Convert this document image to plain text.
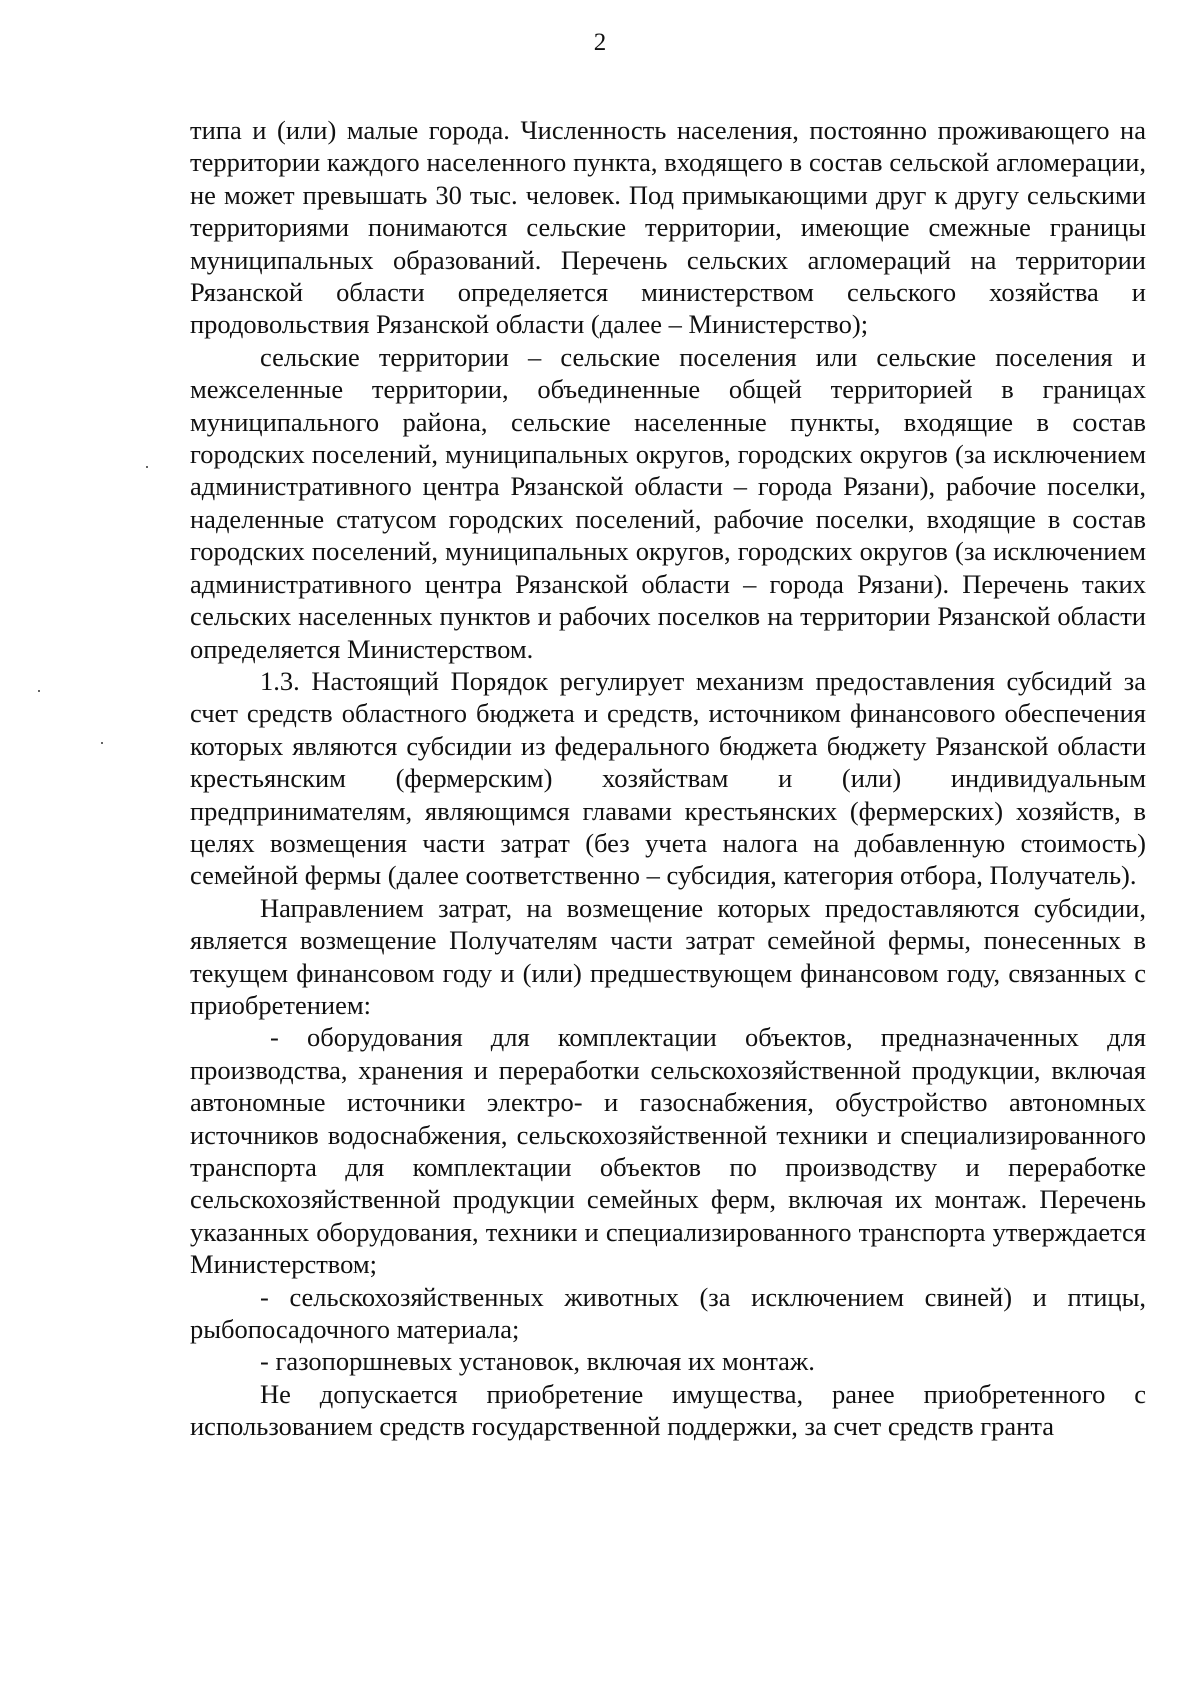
2

типа и (или) малые города. Численность населения, постоянно проживающего на территории каждого населенного пункта, входящего в состав сельской агломерации, не может превышать 30 тыс. человек. Под примыкающими друг к другу сельскими территориями понимаются сельские территории, имеющие смежные границы муниципальных образований. Перечень сельских агломераций на территории Рязанской области определяется министерством сельского хозяйства и продовольствия Рязанской области (далее – Министерство);

сельские территории – сельские поселения или сельские поселения и межселенные территории, объединенные общей территорией в границах муниципального района, сельские населенные пункты, входящие в состав городских поселений, муниципальных округов, городских округов (за исключением административного центра Рязанской области – города Рязани), рабочие поселки, наделенные статусом городских поселений, рабочие поселки, входящие в состав городских поселений, муниципальных округов, городских округов (за исключением административного центра Рязанской области – города Рязани). Перечень таких сельских населенных пунктов и рабочих поселков на территории Рязанской области определяется Министерством.

1.3. Настоящий Порядок регулирует механизм предоставления субсидий за счет средств областного бюджета и средств, источником финансового обеспечения которых являются субсидии из федерального бюджета бюджету Рязанской области крестьянским (фермерским) хозяйствам и (или) индивидуальным предпринимателям, являющимся главами крестьянских (фермерских) хозяйств, в целях возмещения части затрат (без учета налога на добавленную стоимость) семейной фермы (далее соответственно – субсидия, категория отбора, Получатель).

Направлением затрат, на возмещение которых предоставляются субсидии, является возмещение Получателям части затрат семейной фермы, понесенных в текущем финансовом году и (или) предшествующем финансовом году, связанных с приобретением:

- оборудования для комплектации объектов, предназначенных для производства, хранения и переработки сельскохозяйственной продукции, включая автономные источники электро- и газоснабжения, обустройство автономных источников водоснабжения, сельскохозяйственной техники и специализированного транспорта для комплектации объектов по производству и переработке сельскохозяйственной продукции семейных ферм, включая их монтаж. Перечень указанных оборудования, техники и специализированного транспорта утверждается Министерством;

- сельскохозяйственных животных (за исключением свиней) и птицы, рыбопосадочного материала;

- газопоршневых установок, включая их монтаж.

Не допускается приобретение имущества, ранее приобретенного с использованием средств государственной поддержки, за счет средств гранта
